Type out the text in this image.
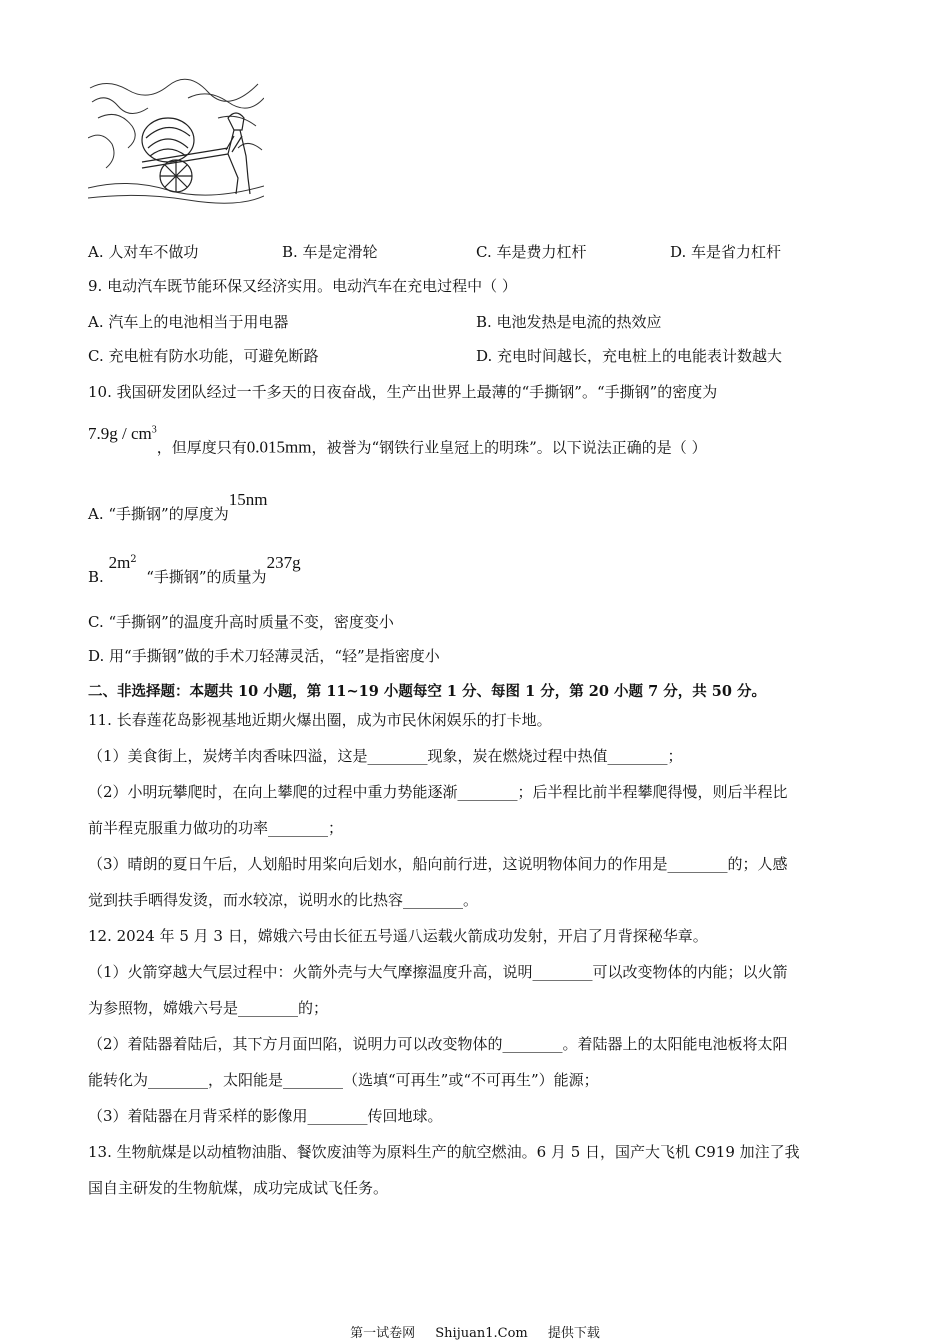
A. 人对车不做功	B. 车是定滑轮	C. 车是费力杠杆	D. 车是省力杠杆
9. 电动汽车既节能环保又经济实用。电动汽车在充电过程中（ ）
A. 汽车上的电池相当于用电器	B. 电池发热是电流的热效应
C. 充电桩有防水功能，可避免断路	D. 充电时间越长，充电桩上的电能表计数越大
10. 我国研发团队经过一千多天的日夜奋战，生产出世界上最薄的“手撕钢”。“手撕钢”的密度为
$7.9g / cm^3$，但厚度只有0.015mm，被誉为“钢铁行业皇冠上的明珠”。以下说法正确的是（ ）
A. “手撕钢”的厚度为15nm
B. $2m^2$  “手撕钢”的质量为237g
C. “手撕钢”的温度升高时质量不变，密度变小
D. 用“手撕钢”做的手术刀轻薄灵活，“轻”是指密度小
二、非选择题：本题共 10 小题，第 11~19 小题每空 1 分、每图 1 分，第 20 小题 7 分，共 50 分。
11. 长春莲花岛影视基地近期火爆出圈，成为市民休闲娱乐的打卡地。
（1）美食街上，炭烤羊肉香味四溢，这是________现象，炭在燃烧过程中热值________；
（2）小明玩攀爬时，在向上攀爬的过程中重力势能逐渐________；后半程比前半程攀爬得慢，则后半程比
前半程克服重力做功的功率________；
（3）晴朗的夏日午后，人划船时用桨向后划水，船向前行进，这说明物体间力的作用是________的；人感
觉到扶手晒得发烫，而水较凉，说明水的比热容________。
12. 2024 年 5 月 3 日，嫦娥六号由长征五号遥八运载火箭成功发射，开启了月背探秘华章。
（1）火箭穿越大气层过程中：火箭外壳与大气摩擦温度升高，说明________可以改变物体的内能；以火箭
为参照物，嫦娥六号是________的；
（2）着陆器着陆后，其下方月面凹陷，说明力可以改变物体的________。着陆器上的太阳能电池板将太阳
能转化为________，太阳能是________（选填“可再生”或“不可再生”）能源；
（3）着陆器在月背采样的影像用________传回地球。
13. 生物航煤是以动植物油脂、餐饮废油等为原料生产的航空燃油。6 月 5 日，国产大飞机 C919 加注了我
国自主研发的生物航煤，成功完成试飞任务。
第一试卷网 Shijuan1.Com 提供下载
